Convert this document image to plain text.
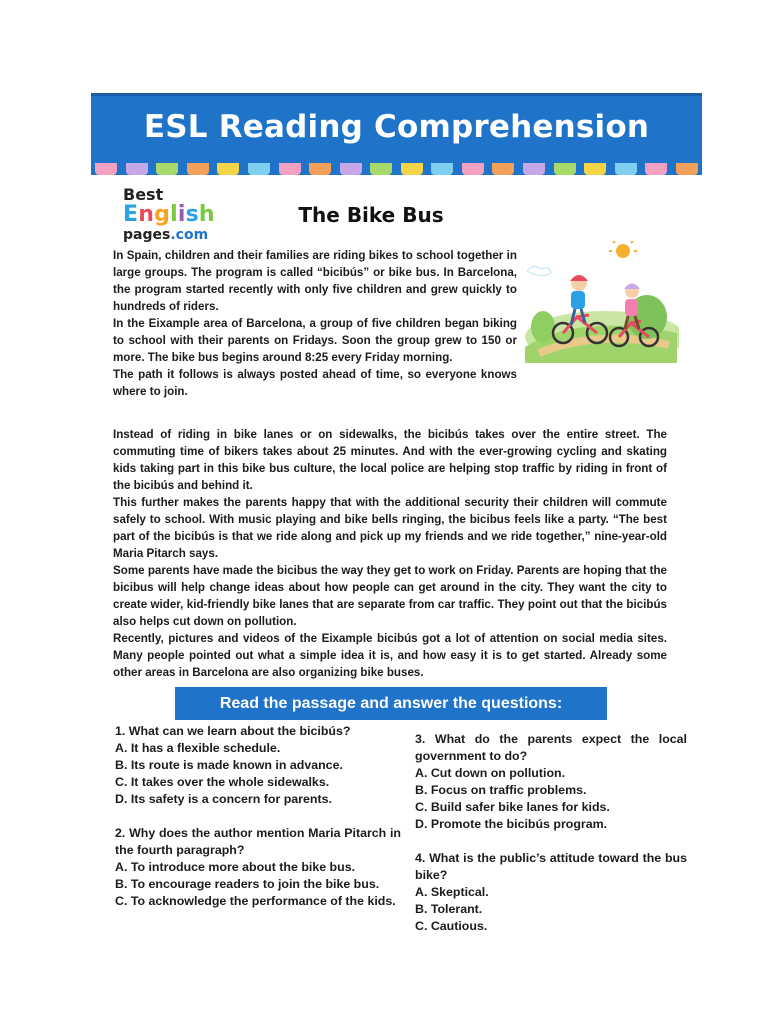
ESL Reading Comprehension
Best
English
pages.com
The Bike Bus

In Spain, children and their families are riding bikes to school together in large groups. The program is called “bicibús” or bike bus. In Barcelona, the program started recently with only five children and grew quickly to hundreds of riders.

In the Eixample area of Barcelona, a group of five children began biking to school with their parents on Fridays. Soon the group grew to 150 or more. The bike bus begins around 8:25 every Friday morning.

The path it follows is always posted ahead of time, so everyone knows where to join.

Instead of riding in bike lanes or on sidewalks, the bicibús takes over the entire street. The commuting time of bikers takes about 25 minutes. And with the ever-growing cycling and skating kids taking part in this bike bus culture, the local police are helping stop traffic by riding in front of the bicibús and behind it.

This further makes the parents happy that with the additional security their children will commute safely to school. With music playing and bike bells ringing, the bicibus feels like a party. “The best part of the bicibús is that we ride along and pick up my friends and we ride together,” nine-year-old Maria Pitarch says.

Some parents have made the bicibus the way they get to work on Friday. Parents are hoping that the bicibus will help change ideas about how people can get around in the city. They want the city to create wider, kid-friendly bike lanes that are separate from car traffic. They point out that the bicibús also helps cut down on pollution.

Recently, pictures and videos of the Eixample bicibús got a lot of attention on social media sites. Many people pointed out what a simple idea it is, and how easy it is to get started. Already some other areas in Barcelona are also organizing bike buses.

Read the passage and answer the questions:

1. What can we learn about the bicibús?

A. It has a flexible schedule.

B. Its route is made known in advance.

C. It takes over the whole sidewalks.

D. Its safety is a concern for parents.

2. Why does the author mention Maria Pitarch in the fourth paragraph?

A. To introduce more about the bike bus.

B. To encourage readers to join the bike bus.

C. To acknowledge the performance of the kids.

3. What do the parents expect the local government to do?

A. Cut down on pollution.

B. Focus on traffic problems.

C. Build safer bike lanes for kids.

D. Promote the bicibús program.

4. What is the public’s attitude toward the bus bike?

A. Skeptical.

B. Tolerant.

C. Cautious.
